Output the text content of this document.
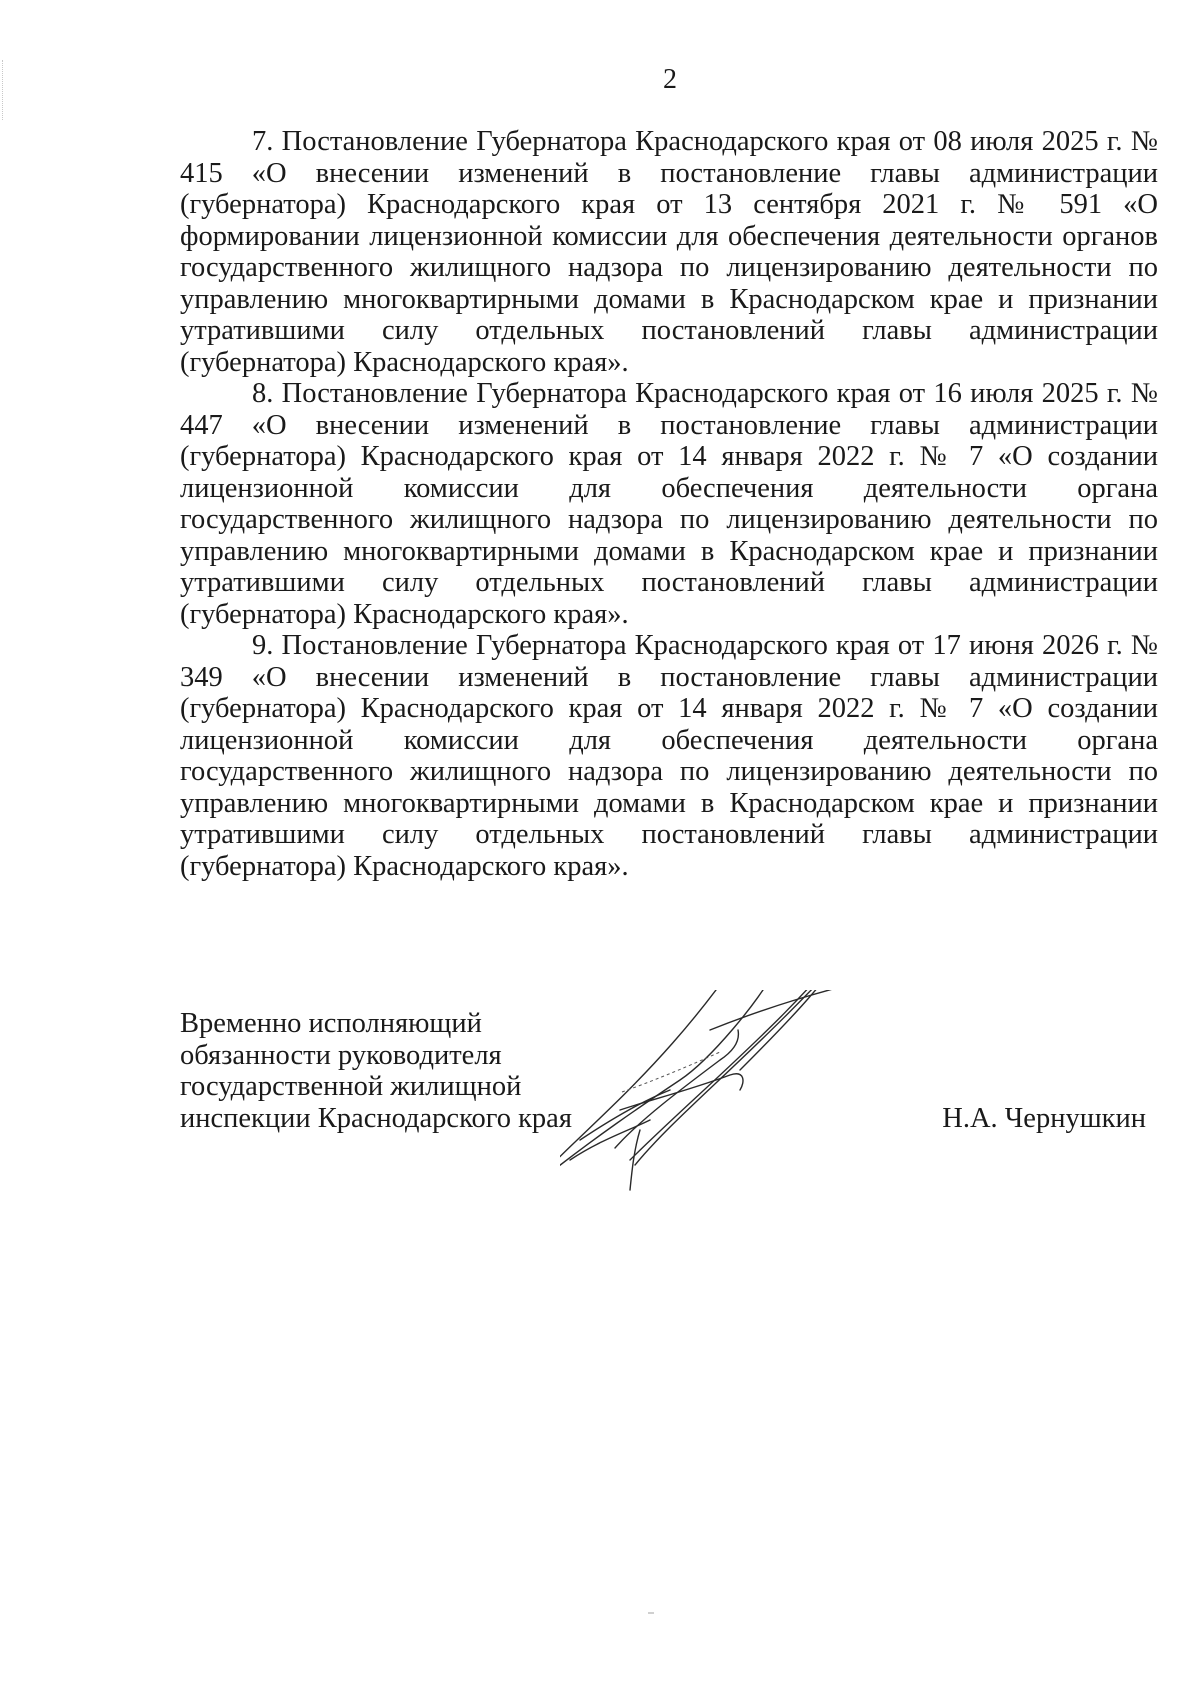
2

7. Постановление Губернатора Краснодарского края от 08 июля 2025 г. № 415 «О внесении изменений в постановление главы администрации (губернатора) Краснодарского края от 13 сентября 2021 г. № 591 «О формировании лицензионной комиссии для обеспечения деятельности органов государственного жилищного надзора по лицензированию деятельности по управлению многоквартирными домами в Краснодарском крае и признании утратившими силу отдельных постановлений главы администрации (губернатора) Краснодарского края».

8. Постановление Губернатора Краснодарского края от 16 июля 2025 г. № 447 «О внесении изменений в постановление главы администрации (губернатора) Краснодарского края от 14 января 2022 г. № 7 «О создании лицензионной комиссии для обеспечения деятельности органа государственного жилищного надзора по лицензированию деятельности по управлению многоквартирными домами в Краснодарском крае и признании утратившими силу отдельных постановлений главы администрации (губернатора) Краснодарского края».

9. Постановление Губернатора Краснодарского края от 17 июня 2026 г. № 349 «О внесении изменений в постановление главы администрации (губернатора) Краснодарского края от 14 января 2022 г. № 7 «О создании лицензионной комиссии для обеспечения деятельности органа государственного жилищного надзора по лицензированию деятельности по управлению многоквартирными домами в Краснодарском крае и признании утратившими силу отдельных постановлений главы администрации (губернатора) Краснодарского края».

Временно исполняющий
обязанности руководителя
государственной жилищной
инспекции Краснодарского края	Н.А. Чернушкин
